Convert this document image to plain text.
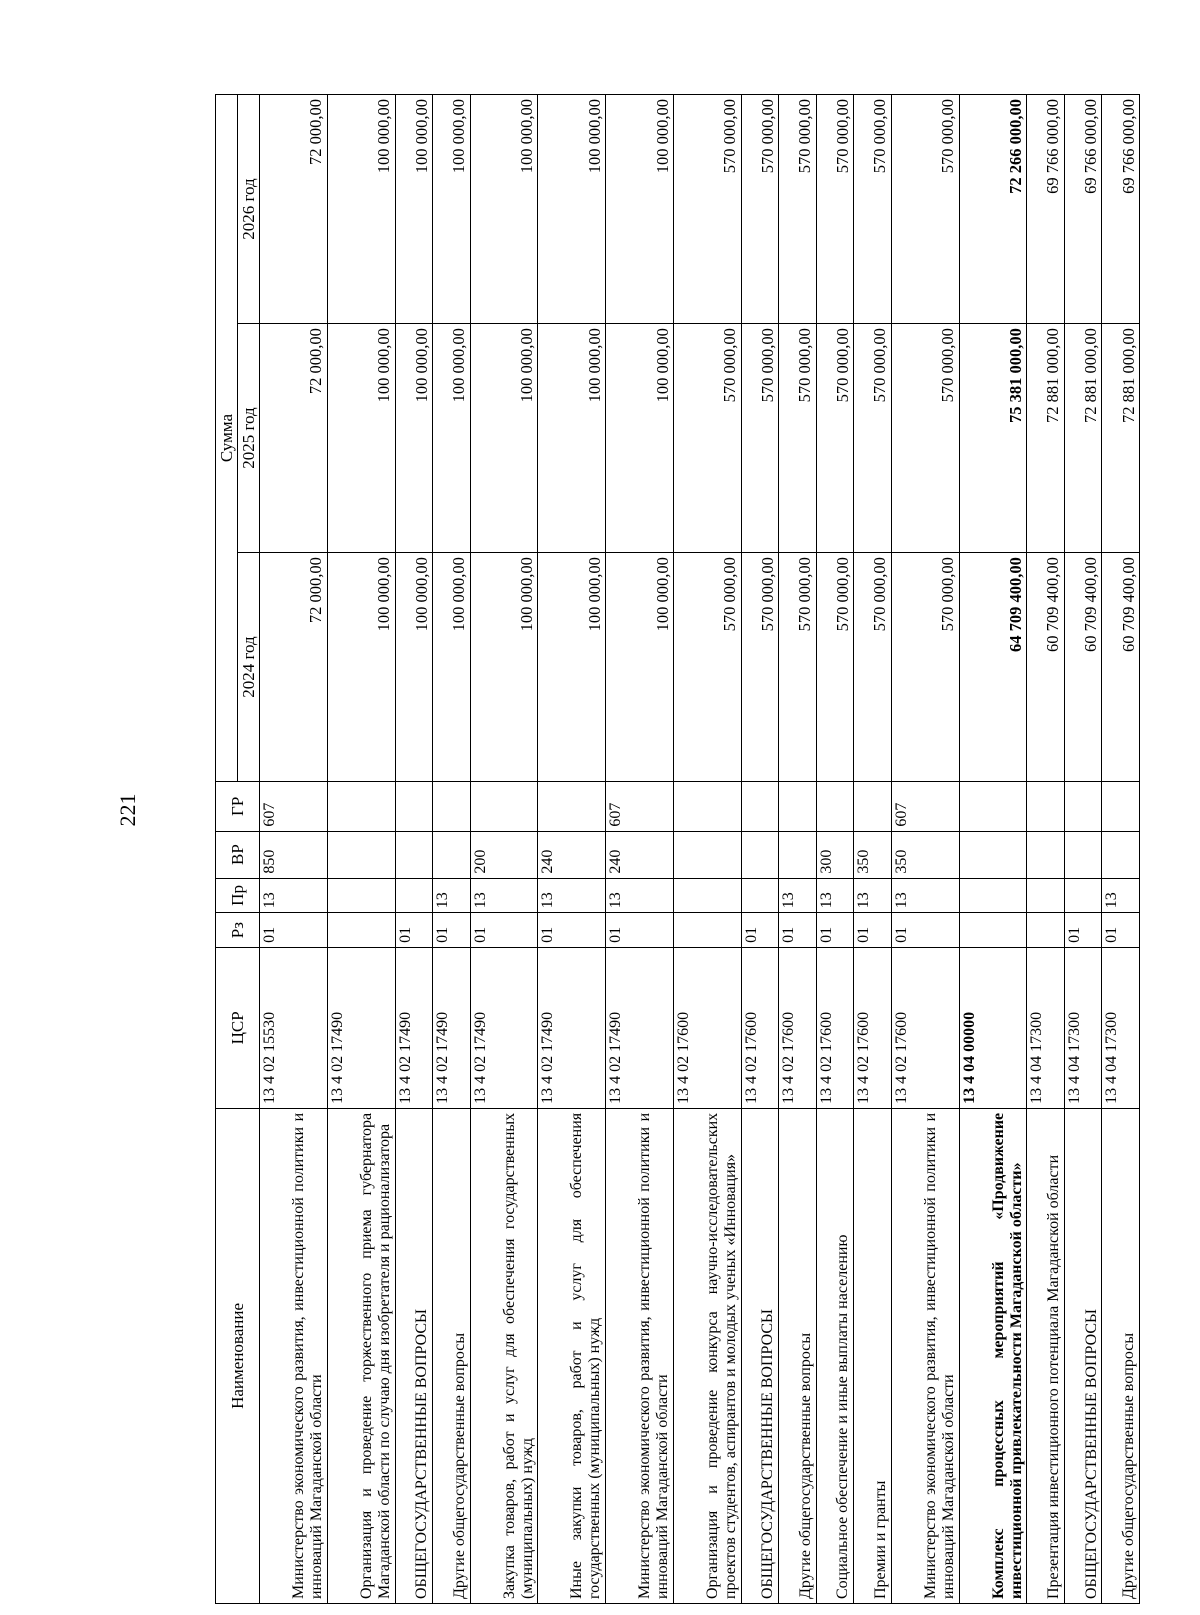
221
Наименование	ЦСР	Рз	Пр	ВР	ГР	Сумма		
						2024 год	2025 год	2026 год
Министерство экономического развития, инвестиционной политики и инноваций Магаданской области	13 4 02 15530	01	13	850	607	72 000,00	72 000,00	72 000,00
Организация и проведение торжественного приема губернатора Магаданской области по случаю дня изобретателя и рационализатора	13 4 02 17490					100 000,00	100 000,00	100 000,00
ОБЩЕГОСУДАРСТВЕННЫЕ ВОПРОСЫ	13 4 02 17490	01				100 000,00	100 000,00	100 000,00
Другие общегосударственные вопросы	13 4 02 17490	01	13			100 000,00	100 000,00	100 000,00
Закупка товаров, работ и услуг для обеспечения государственных (муниципальных) нужд	13 4 02 17490	01	13	200		100 000,00	100 000,00	100 000,00
Иные закупки товаров, работ и услуг для обеспечения государственных (муниципальных) нужд	13 4 02 17490	01	13	240		100 000,00	100 000,00	100 000,00
Министерство экономического развития, инвестиционной политики и инноваций Магаданской области	13 4 02 17490	01	13	240	607	100 000,00	100 000,00	100 000,00
Организация и проведение конкурса научно-исследовательских проектов студентов, аспирантов и молодых ученых «Инновация»	13 4 02 17600					570 000,00	570 000,00	570 000,00
ОБЩЕГОСУДАРСТВЕННЫЕ ВОПРОСЫ	13 4 02 17600	01				570 000,00	570 000,00	570 000,00
Другие общегосударственные вопросы	13 4 02 17600	01	13			570 000,00	570 000,00	570 000,00
Социальное обеспечение и иные выплаты населению	13 4 02 17600	01	13	300		570 000,00	570 000,00	570 000,00
Премии и гранты	13 4 02 17600	01	13	350		570 000,00	570 000,00	570 000,00
Министерство экономического развития, инвестиционной политики и инноваций Магаданской области	13 4 02 17600	01	13	350	607	570 000,00	570 000,00	570 000,00
Комплекс процессных мероприятий «Продвижение инвестиционной привлекательности Магаданской области»	13 4 04 00000					64 709 400,00	75 381 000,00	72 266 000,00
Презентация инвестиционного потенциала Магаданской области	13 4 04 17300					60 709 400,00	72 881 000,00	69 766 000,00
ОБЩЕГОСУДАРСТВЕННЫЕ ВОПРОСЫ	13 4 04 17300	01				60 709 400,00	72 881 000,00	69 766 000,00
Другие общегосударственные вопросы	13 4 04 17300	01	13			60 709 400,00	72 881 000,00	69 766 000,00
